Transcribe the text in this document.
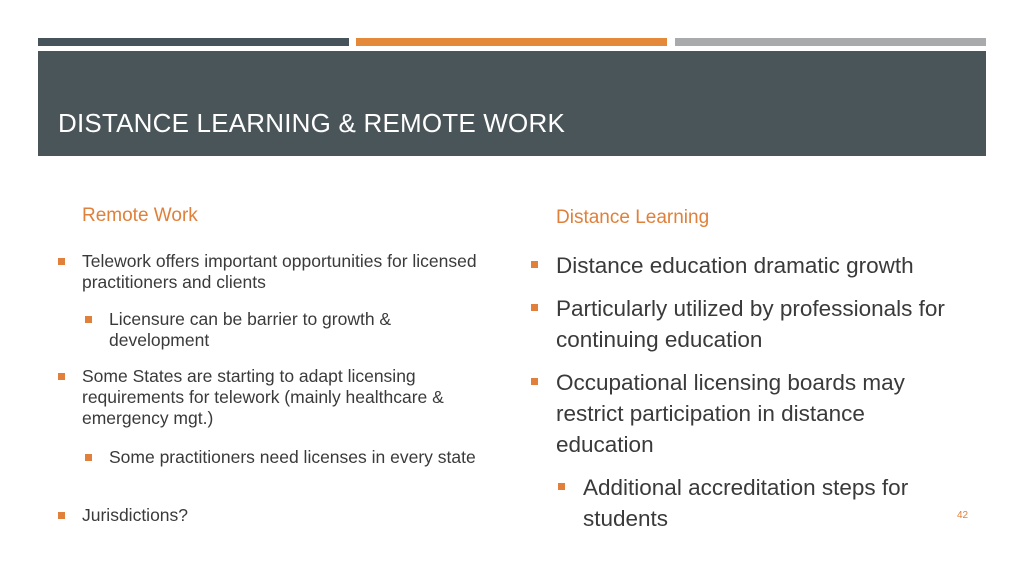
DISTANCE LEARNING & REMOTE WORK
Remote Work	Distance Learning
Telework offers important opportunities for licensed practitioners and clients
Licensure can be barrier to growth & development
Some States are starting to adapt licensing requirements for telework (mainly healthcare & emergency mgt.)
Some practitioners need licenses in every state
Jurisdictions?
Distance education dramatic growth
Particularly utilized by professionals for continuing education
Occupational licensing boards may restrict participation in distance education
Additional accreditation steps for students	42
